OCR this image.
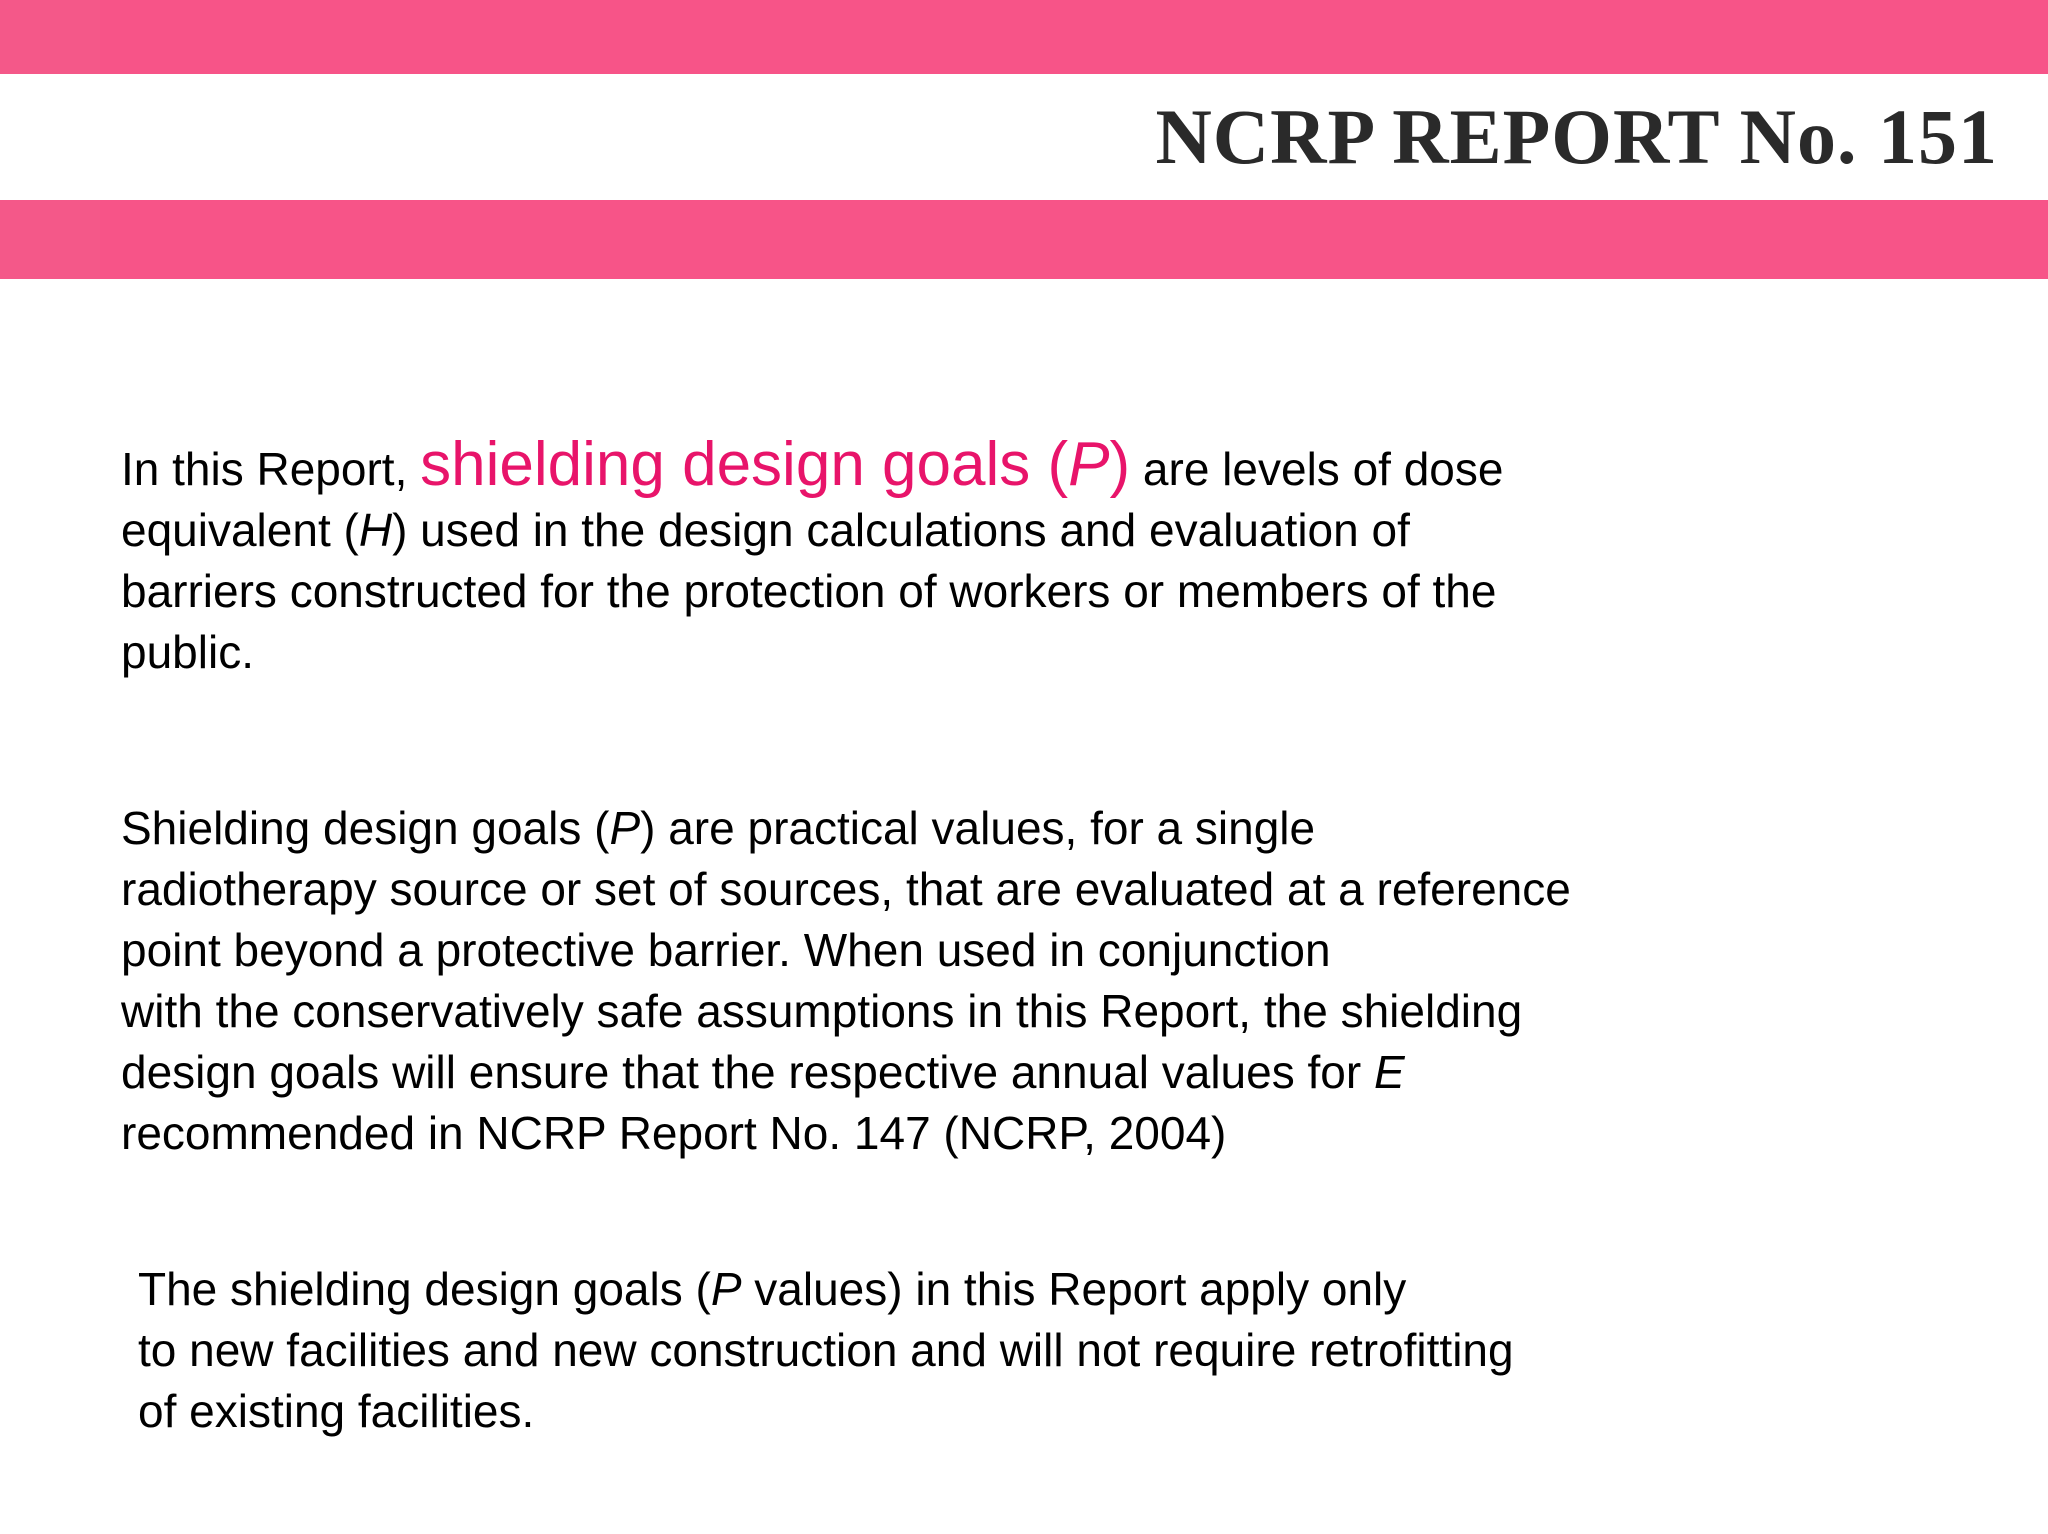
NCRP REPORT No. 151

In this Report, shielding design goals (P) are levels of dose
equivalent (H) used in the design calculations and evaluation of
barriers constructed for the protection of workers or members of the
public.

Shielding design goals (P) are practical values, for a single
radiotherapy source or set of sources, that are evaluated at a reference
point beyond a protective barrier. When used in conjunction
with the conservatively safe assumptions in this Report, the shielding
design goals will ensure that the respective annual values for E
recommended in NCRP Report No. 147 (NCRP, 2004)

The shielding design goals (P values) in this Report apply only
to new facilities and new construction and will not require retrofitting
of existing facilities.
